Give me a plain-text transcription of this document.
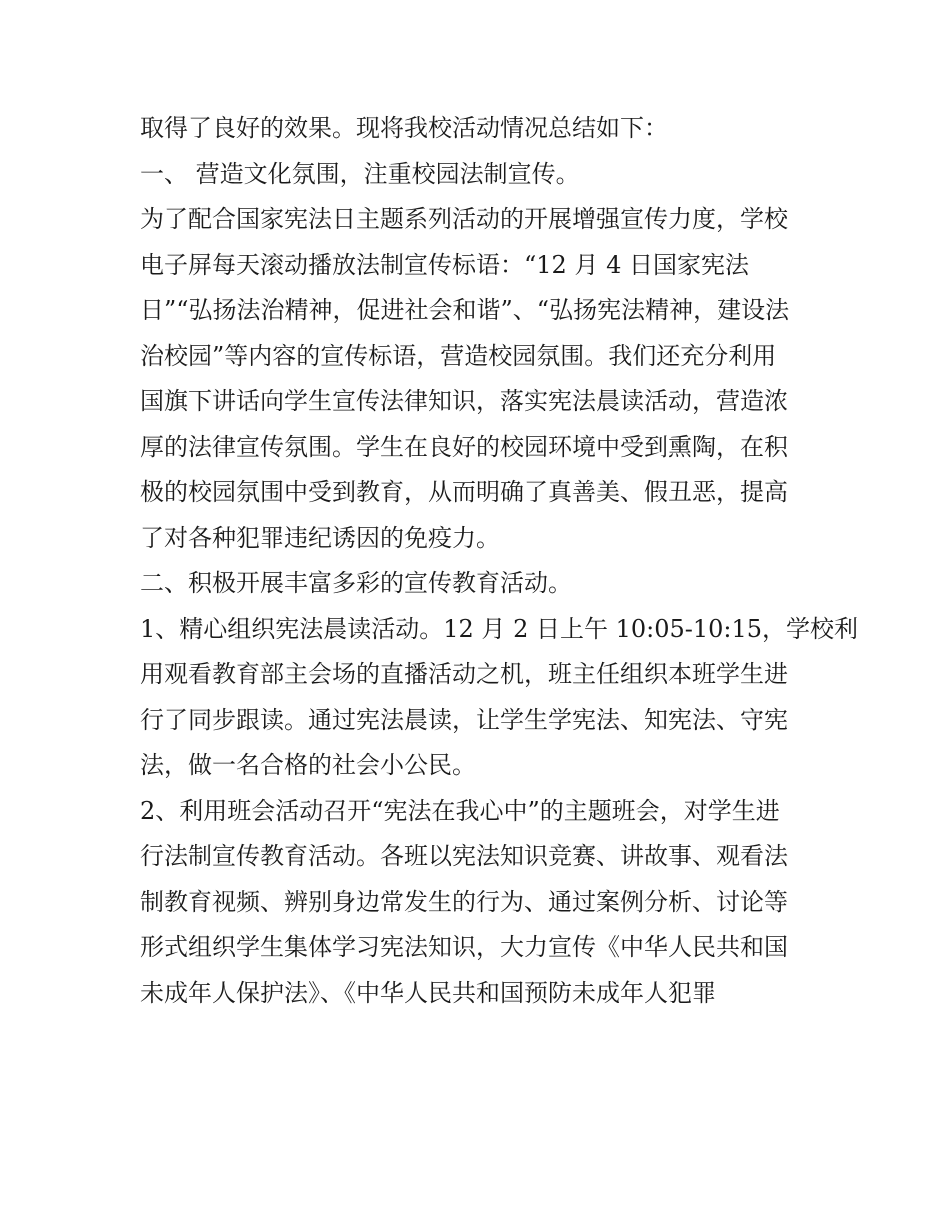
取得了良好的效果。现将我校活动情况总结如下：
一、 营造文化氛围，注重校园法制宣传。
为了配合国家宪法日主题系列活动的开展增强宣传力度，学校
电子屏每天滚动播放法制宣传标语：“12 月 4 日国家宪法
日”“弘扬法治精神，促进社会和谐”、“弘扬宪法精神，建设法
治校园”等内容的宣传标语，营造校园氛围。我们还充分利用
国旗下讲话向学生宣传法律知识，落实宪法晨读活动，营造浓
厚的法律宣传氛围。学生在良好的校园环境中受到熏陶，在积
极的校园氛围中受到教育，从而明确了真善美、假丑恶，提高
了对各种犯罪违纪诱因的免疫力。
二、积极开展丰富多彩的宣传教育活动。
1、精心组织宪法晨读活动。12 月 2 日上午 10:05-10:15，学校利
用观看教育部主会场的直播活动之机，班主任组织本班学生进
行了同步跟读。通过宪法晨读，让学生学宪法、知宪法、守宪
法，做一名合格的社会小公民。
2、利用班会活动召开“宪法在我心中”的主题班会，对学生进
行法制宣传教育活动。各班以宪法知识竞赛、讲故事、观看法
制教育视频、辨别身边常发生的行为、通过案例分析、讨论等
形式组织学生集体学习宪法知识，大力宣传《中华人民共和国
未成年人保护法》、《中华人民共和国预防未成年人犯罪
